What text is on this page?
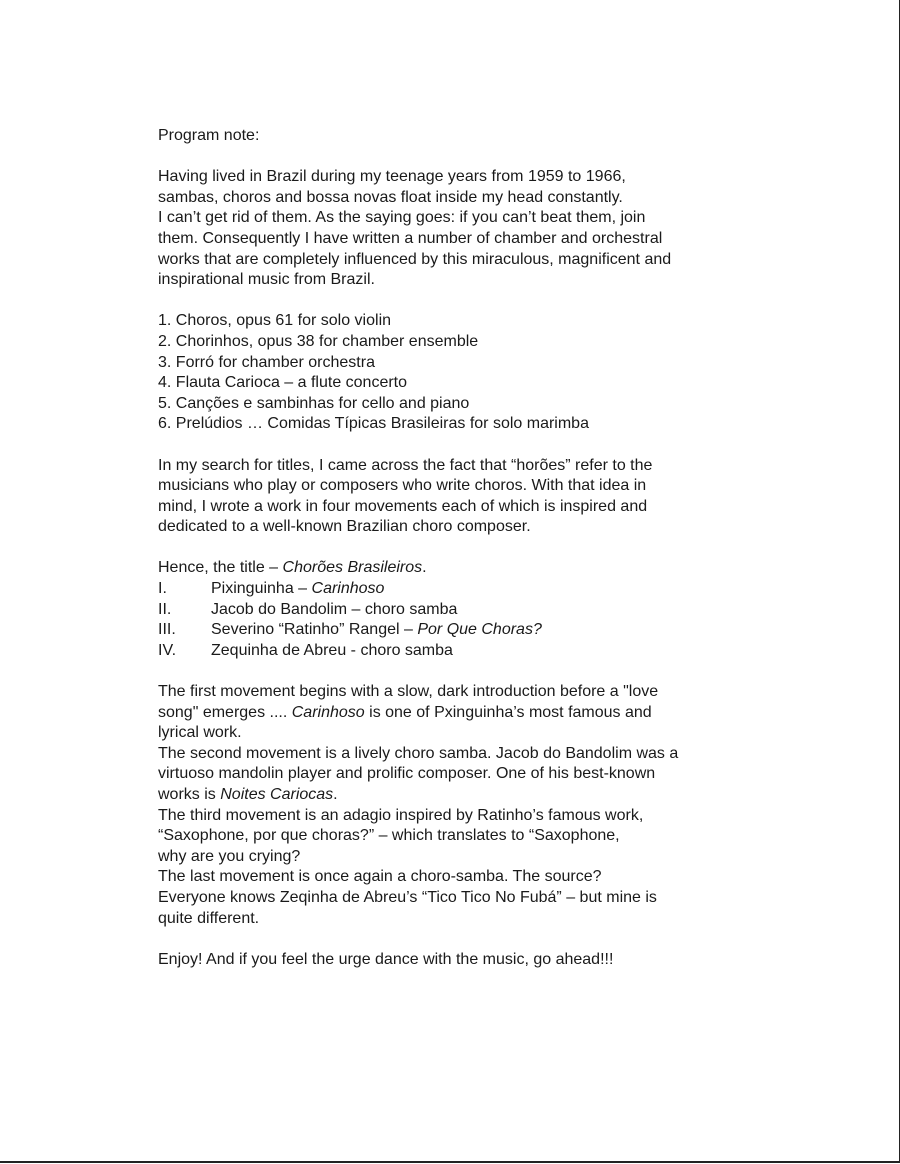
Program note:
Having lived in Brazil during my teenage years from 1959 to 1966,
sambas, choros and bossa novas float inside my head constantly.
I can’t get rid of them. As the saying goes: if you can’t beat them, join
them. Consequently I have written a number of chamber and orchestral
works that are completely influenced by this miraculous, magnificent and
inspirational music from Brazil.
1. Choros, opus 61 for solo violin
2. Chorinhos, opus 38 for chamber ensemble
3. Forró for chamber orchestra
4. Flauta Carioca – a flute concerto
5. Canções e sambinhas for cello and piano
6. Prelúdios … Comidas Típicas Brasileiras for solo marimba
In my search for titles, I came across the fact that “horões” refer to the
musicians who play or composers who write choros. With that idea in
mind, I wrote a work in four movements each of which is inspired and
dedicated to a well-known Brazilian choro composer.
Hence, the title – Chorões Brasileiros.
I.	Pixinguinha – Carinhoso
II. Jacob do Bandolim – choro samba
III. Severino “Ratinho” Rangel – Por Que Choras?
IV. Zequinha de Abreu - choro samba
The first movement begins with a slow, dark introduction before a "love
song" emerges .... Carinhoso is one of Pxinguinha’s most famous and
lyrical work.
The second movement is a lively choro samba. Jacob do Bandolim was a
virtuoso mandolin player and prolific composer. One of his best-known
works is Noites Cariocas.
The third movement is an adagio inspired by Ratinho’s famous work,
“Saxophone, por que choras?” – which translates to “Saxophone,
why are you crying?
The last movement is once again a choro-samba. The source?
Everyone knows Zeqinha de Abreu’s “Tico Tico No Fubá” – but mine is
quite different.
Enjoy! And if you feel the urge dance with the music, go ahead!!!
